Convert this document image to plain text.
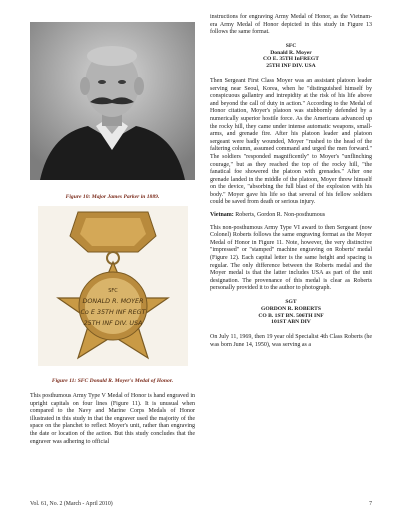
Figure 10: Major James Parker in 1889.
SFC
DONALD R. MOYER
Co E 35TH INF REGT
25TH INF DIV. USA
Figure 11: SFC Donald R. Moyer's Medal of Honor.
This posthumous Army Type V Medal of Honor is hand engraved in upright capitals on four lines (Figure 11). It is unusual when compared to the Navy and Marine Corps Medals of Honor illustrated in this study in that the engraver used the majority of the space on the planchet to reflect Moyer's unit, rather than engraving the date or location of the action. But this study concludes that the engraver was adhering to official

instructions for engraving Army Medal of Honor, as the Vietnam-era Army Medal of Honor depicted in this study in Figure 13 follows the same format.

SFC
Donald R. Moyer
CO E. 35TH InFREGT
25TH INF DIV. USA

Then Sergeant First Class Moyer was an assistant platoon leader serving near Seoul, Korea, when he "distinguished himself by conspicuous gallantry and intrepidity at the risk of his life above and beyond the call of duty in action." According to the Medal of Honor citation, Moyer's platoon was stubbornly defended by a numerically superior hostile force. As the Americans advanced up the rocky hill, they came under intense automatic weapons, small-arms, and grenade fire. After his platoon leader and platoon sergeant were badly wounded, Moyer "rushed to the head of the faltering column, assumed command and urged the men forward." The soldiers "responded magnificently" to Moyer's "unflinching courage," but as they reached the top of the rocky hill, "the fanatical foe showered the platoon with grenades." After one grenade landed in the middle of the platoon, Moyer threw himself on the device, "absorbing the full blast of the explosion with his body." Moyer gave his life so that several of his fellow soldiers could be saved from death or serious injury.

Vietnam: Roberts, Gordon R. Non-posthumous

This non-posthumous Army Type VI award to then Sergeant (now Colonel) Roberts follows the same engraving format as the Moyer Medal of Honor in Figure 11. Note, however, the very distinctive "impressed" or "stamped" machine engraving on Roberts' medal (Figure 12). Each capital letter is the same height and spacing is regular. The only difference between the Roberts medal and the Moyer medal is that the latter includes USA as part of the unit designation. The provenance of this medal is clear as Roberts personally provided it to the author to photograph.

SGT
GORDON R. ROBERTS
CO B. 1ST BN. 506TH INF
101ST ABN DIV

On July 11, 1969, then 19 year old Specialist 4th Class Roberts (he was born June 14, 1950), was serving as a

Vol. 61, No. 2 (March - April 2010)	7
